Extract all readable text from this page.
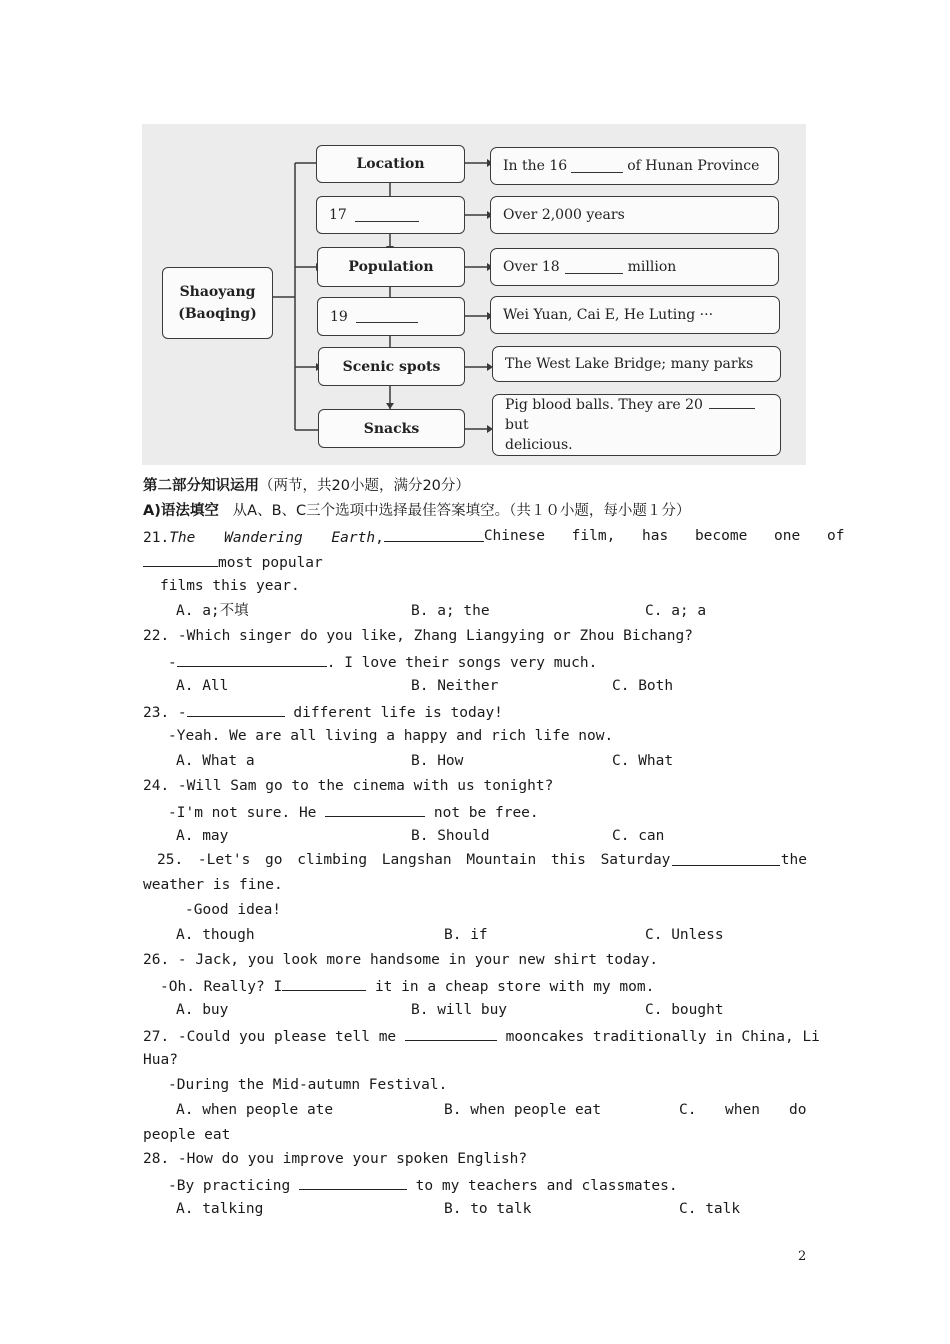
Shaoyang
(Baoqing)
Location
17
Population
19
Scenic spots
Snacks
In the 16	of Hunan Province
Over 2,000 years
Over 18	million
Wei Yuan, Cai E, He Luting ···
The West Lake Bridge; many parks
Pig blood balls. They are 20but
delicious.
第二部分知识运用（两节，共20小题，满分20分）
A)语法填空   从A、B、C三个选项中选择最佳答案填空。（共１０小题，每小题１分）
21.The Wandering Earth,	Chinese film, has become one of
most popular
films this year.
A. a;不填	B. a; the	C. a; a
22. -Which singer do you like, Zhang Liangying or Zhou Bichang?
-	. I love their songs very much.
A. All	B. Neither	C. Both
23. -	different life is today!
-Yeah. We are all living a happy and rich life now.
A. What a	B. How	C. What
24. -Will Sam go to the cinema with us tonight?
-I'm not sure. He	not be free.
A. may	B. Should	C. can
25. -Let's go climbing Langshan Mountain this Saturday	the
weather is fine.
-Good idea!
A. though	B. if	C. Unless
26. - Jack, you look more handsome in your new shirt today.
-Oh. Really? I	it in a cheap store with my mom.
A. buy	B. will buy	C. bought
27. -Could you please tell me	mooncakes traditionally in China, Li
Hua?
-During the Mid-autumn Festival.
A. when people ate	B. when people eat	C. when do
people eat
28. -How do you improve your spoken English?
-By practicing	to my teachers and classmates.
A. talking	B. to talk	C. talk
2
